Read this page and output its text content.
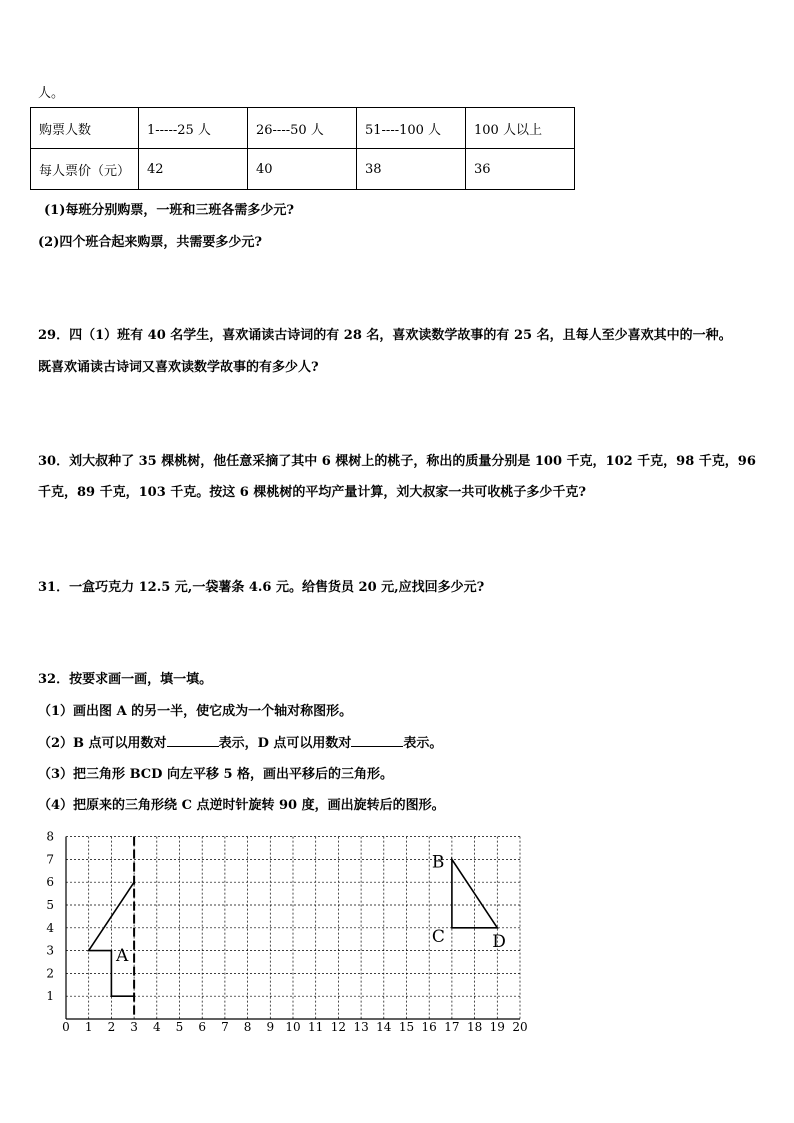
人。
购票人数	1-----25 人	26----50 人	51----100 人	100 人以上
每人票价（元）	42	40	38	36
(1)每班分别购票，一班和三班各需多少元?
(2)四个班合起来购票，共需要多少元?
29．四（1）班有 40 名学生，喜欢诵读古诗词的有 28 名，喜欢读数学故事的有 25 名，且每人至少喜欢其中的一种。
既喜欢诵读古诗词又喜欢读数学故事的有多少人?
30．刘大叔种了 35 棵桃树，他任意采摘了其中 6 棵树上的桃子，称出的质量分别是 100 千克，102 千克，98 千克，96
千克，89 千克，103 千克。按这 6 棵桃树的平均产量计算，刘大叔家一共可收桃子多少千克?
31．一盒巧克力 12.5 元,一袋薯条 4.6 元。给售货员 20 元,应找回多少元?
32．按要求画一画，填一填。
（1）画出图 A 的另一半，使它成为一个轴对称图形。
（2）B 点可以用数对	表示，D 点可以用数对	表示。
（3）把三角形 BCD 向左平移 5 格，画出平移后的三角形。
（4）把原来的三角形绕 C 点逆时针旋转 90 度，画出旋转后的图形。
0 1 2 3 4 5 6 7 8 9 10 11 12 13 14 15 16 17 18 19 20
1
2
3
4
5
6
7
8
A
B
C	D
